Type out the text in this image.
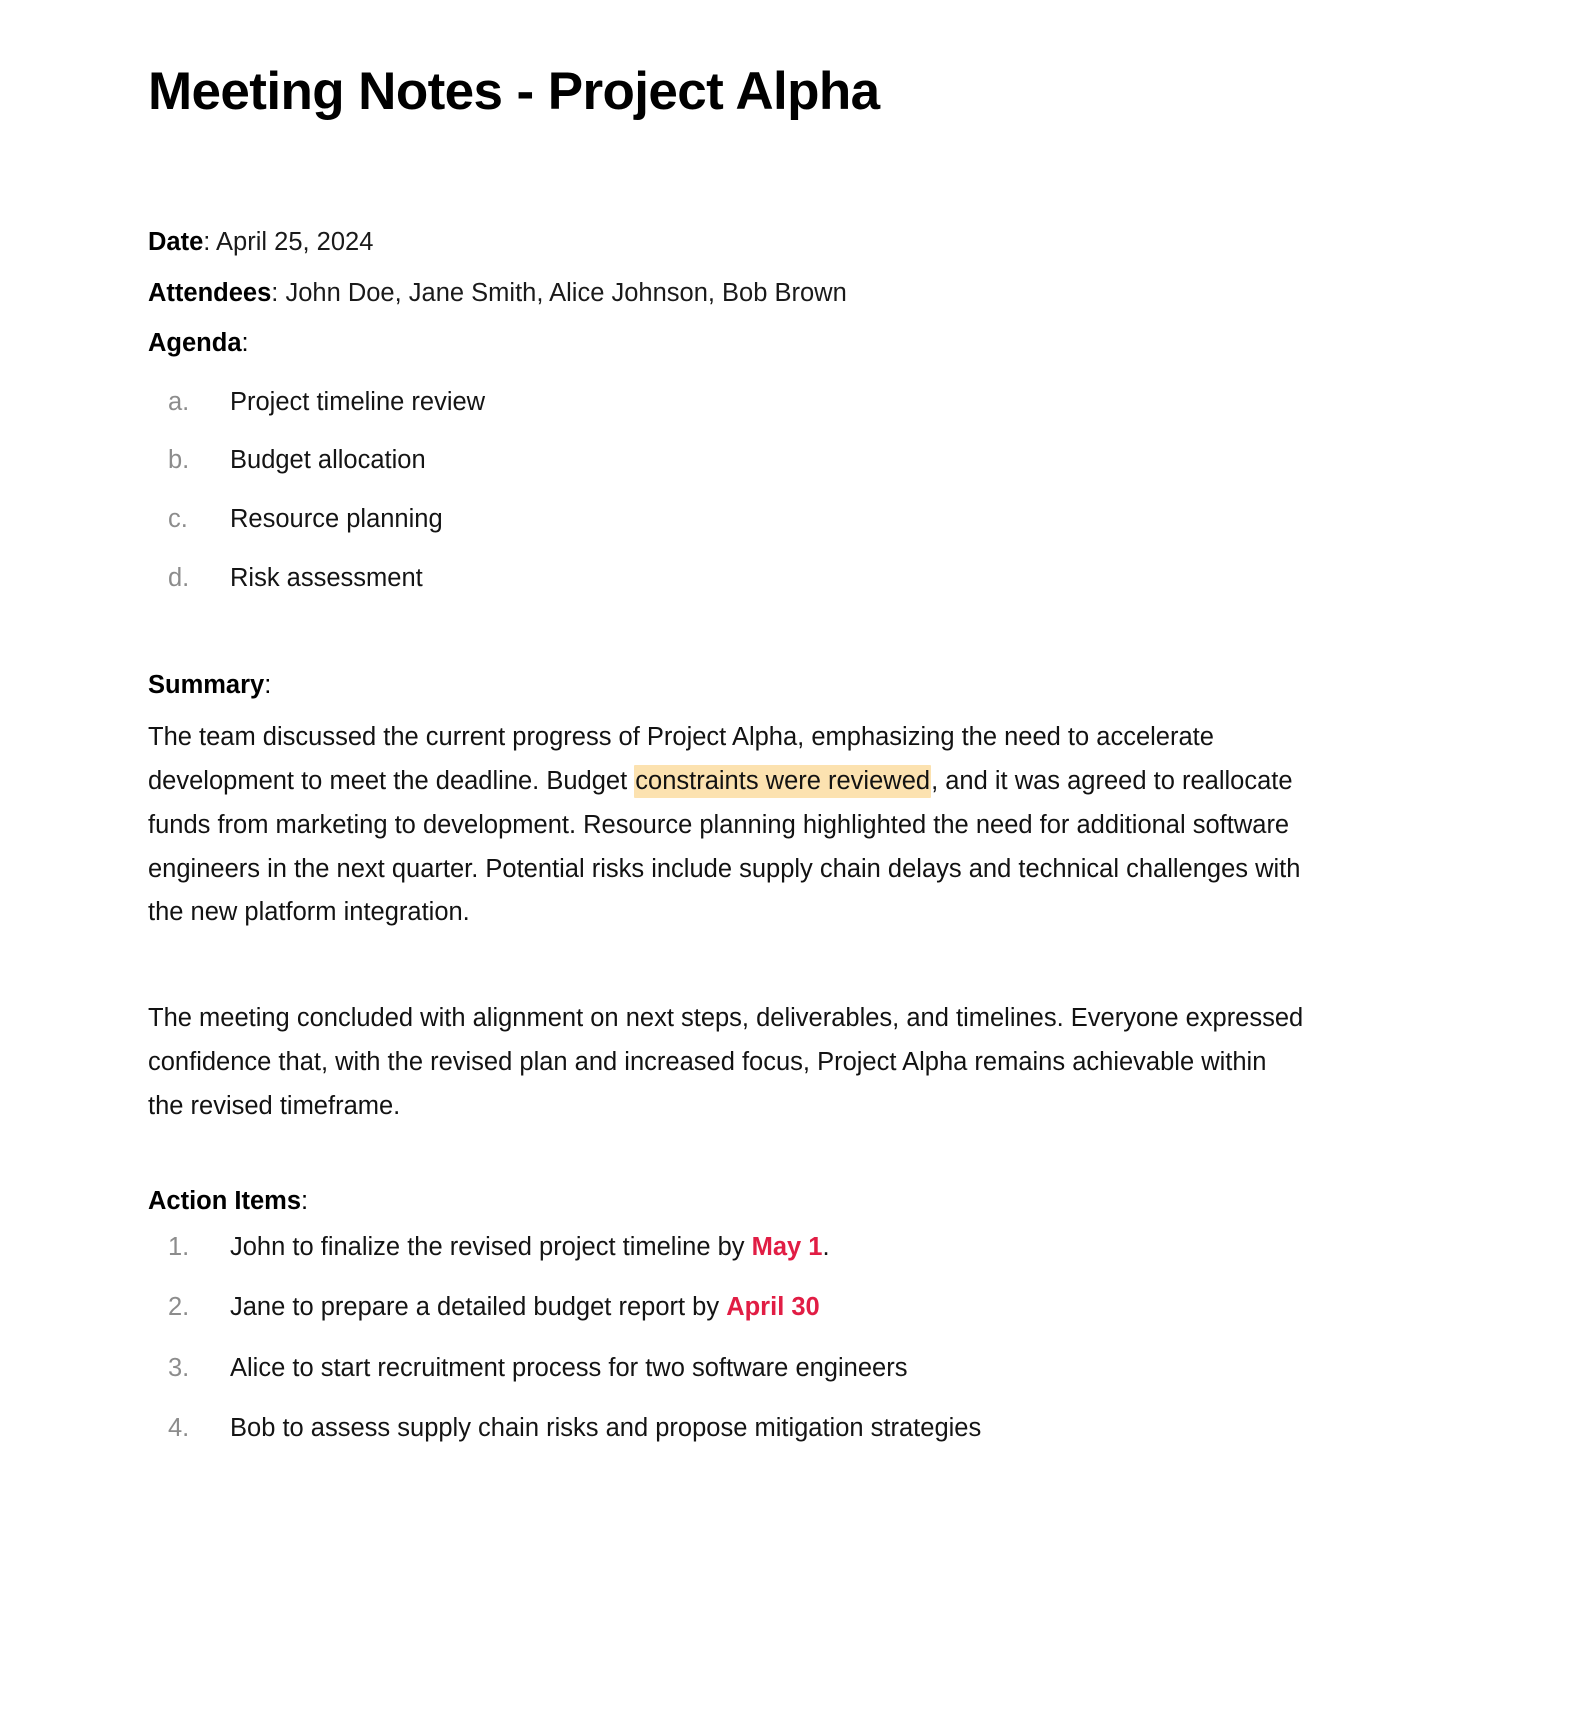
Meeting Notes - Project Alpha

Date: April 25, 2024

Attendees: John Doe, Jane Smith, Alice Johnson, Bob Brown

Agenda:

a.	Project timeline review
b.	Budget allocation
c.	Resource planning
d.	Risk assessment

Summary:

The team discussed the current progress of Project Alpha, emphasizing the need to accelerate development to meet the deadline. Budget constraints were reviewed, and it was agreed to reallocate funds from marketing to development. Resource planning highlighted the need for additional software engineers in the next quarter. Potential risks include supply chain delays and technical challenges with the new platform integration.

The meeting concluded with alignment on next steps, deliverables, and timelines. Everyone expressed confidence that, with the revised plan and increased focus, Project Alpha remains achievable within the revised timeframe.

Action Items:

1.	John to finalize the revised project timeline by May 1.
2.	Jane to prepare a detailed budget report by April 30
3.	Alice to start recruitment process for two software engineers
4.	Bob to assess supply chain risks and propose mitigation strategies
